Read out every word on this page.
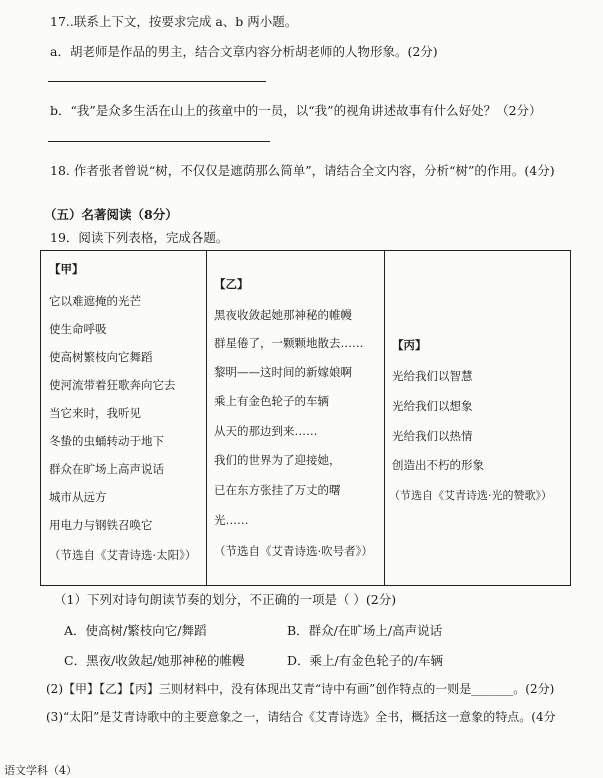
17..联系上下文，按要求完成 a、b 两小题。
a．胡老师是作品的男主，结合文章内容分析胡老师的人物形象。(2分)
b．“我”是众多生活在山上的孩童中的一员，以“我”的视角讲述故事有什么好处？（2分）
18. 作者张者曾说“树，不仅仅是遮荫那么简单”，请结合全文内容，分析“树”的作用。(4分)
（五）名著阅读（8分）
19．阅读下列表格，完成各题。
【甲】
它以难遮掩的光芒
使生命呼吸
使高树繁枝向它舞蹈
使河流带着狂歌奔向它去
当它来时，我听见
冬蛰的虫蛹转动于地下
群众在旷场上高声说话
城市从远方
用电力与钢铁召唤它
（节选自《艾青诗选·太阳》）
【乙】
黑夜收敛起她那神秘的帷幔
群星倦了，一颗颗地散去……
黎明——这时间的新嫁娘啊
乘上有金色轮子的车辆
从天的那边到来……
我们的世界为了迎接她，
已在东方张挂了万丈的曙
光……
（节选自《艾青诗选·吹号者》）
【丙】
光给我们以智慧
光给我们以想象
光给我们以热情
创造出不朽的形象
（节选自《艾青诗选·光的赞歌》）
（1）下列对诗句朗读节奏的划分，不正确的一项是（ ）(2分)
A．使高树/繁枝向它/舞蹈	B．群众/在旷场上/高声说话
C．黑夜/收敛起/她那神秘的帷幔	D．乘上/有金色轮子的/车辆
(2)【甲】【乙】【丙】三则材料中，没有体现出艾青“诗中有画”创作特点的一则是_______。(2分)
(3)“太阳”是艾青诗歌中的主要意象之一，请结合《艾青诗选》全书，概括这一意象的特点。(4分
语文学科（4）
